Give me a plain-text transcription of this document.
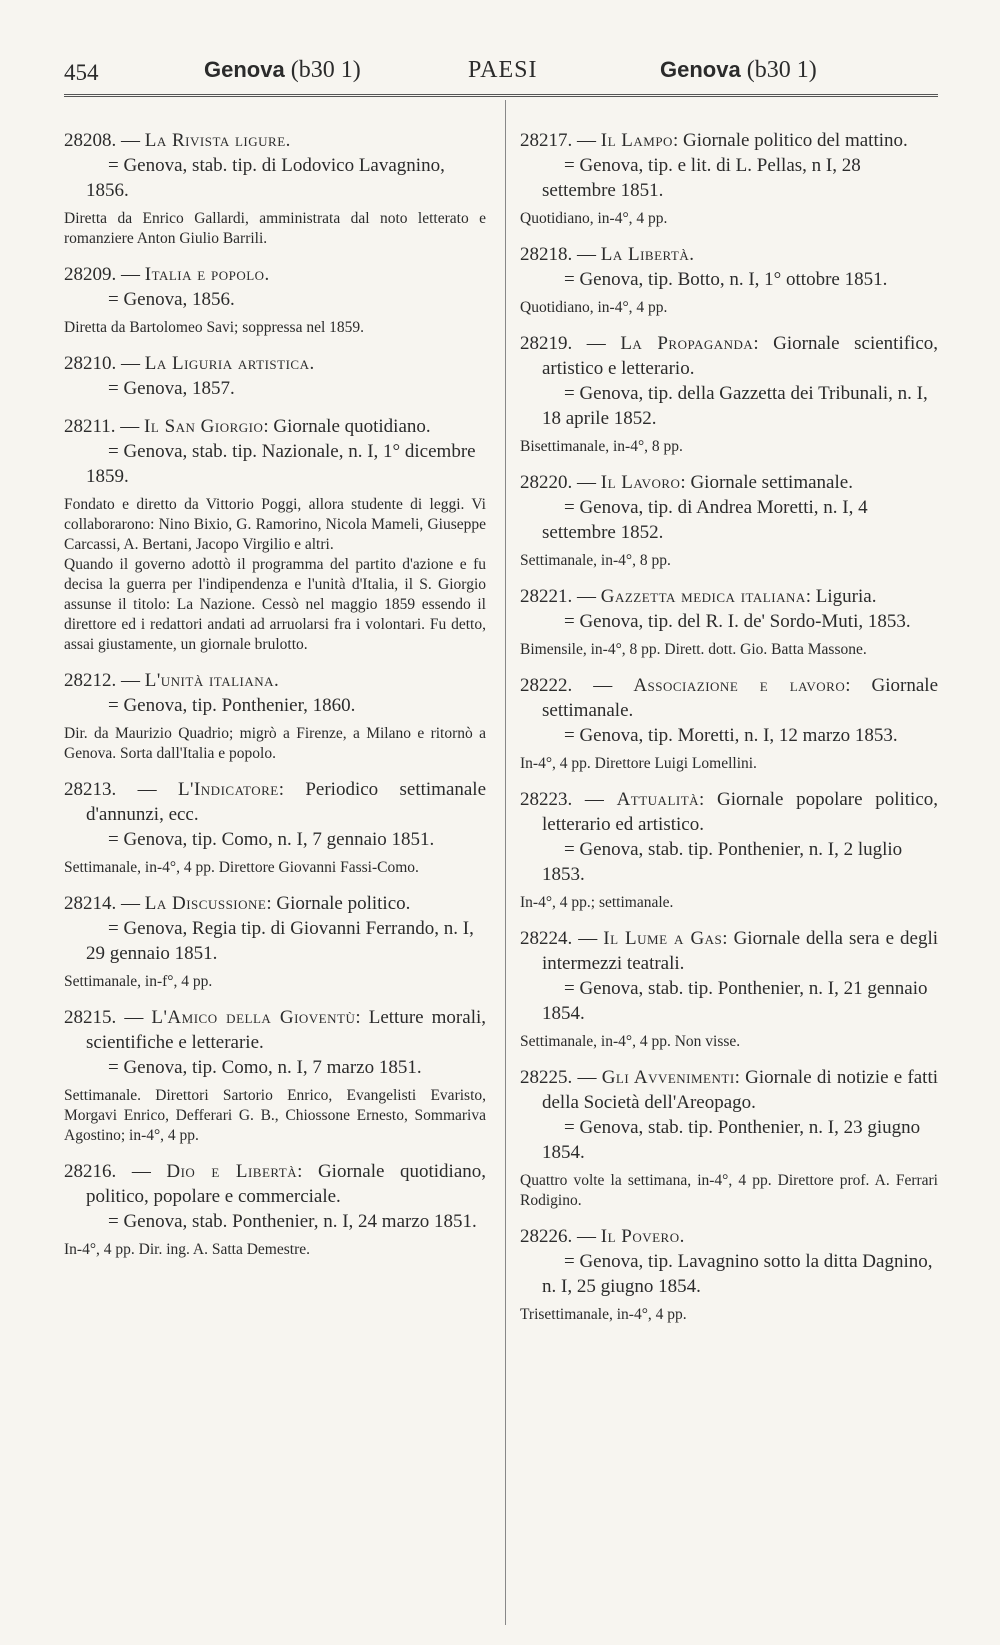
454	Genova (b30 1)	PAESI	Genova (b30 1)
28208. — La Rivista ligure.
= Genova, stab. tip. di Lodovico Lavagnino, 1856.
Diretta da Enrico Gallardi, amministrata dal noto letterato e romanziere Anton Giulio Barrili.
28209. — Italia e popolo.
= Genova, 1856.
Diretta da Bartolomeo Savi; soppressa nel 1859.
28210. — La Liguria artistica.
= Genova, 1857.
28211. — Il San Giorgio: Giornale quotidiano.
= Genova, stab. tip. Nazionale, n. I, 1° dicembre 1859.
Fondato e diretto da Vittorio Poggi, allora studente di leggi. Vi collaborarono: Nino Bixio, G. Ramorino, Nicola Mameli, Giuseppe Carcassi, A. Bertani, Jacopo Virgilio e altri.
Quando il governo adottò il programma del partito d'azione e fu decisa la guerra per l'indipendenza e l'unità d'Italia, il S. Giorgio assunse il titolo: La Nazione. Cessò nel maggio 1859 essendo il direttore ed i redattori andati ad arruolarsi fra i volontari. Fu detto, assai giustamente, un giornale brulotto.
28212. — L'unità italiana.
= Genova, tip. Ponthenier, 1860.
Dir. da Maurizio Quadrio; migrò a Firenze, a Milano e ritornò a Genova. Sorta dall'Italia e popolo.
28213. — L'Indicatore: Periodico settimanale d'annunzi, ecc.
= Genova, tip. Como, n. I, 7 gennaio 1851.
Settimanale, in-4°, 4 pp. Direttore Giovanni Fassi-Como.
28214. — La Discussione: Giornale politico.
= Genova, Regia tip. di Giovanni Ferrando, n. I, 29 gennaio 1851.
Settimanale, in-f°, 4 pp.
28215. — L'Amico della Gioventù: Letture morali, scientifiche e letterarie.
= Genova, tip. Como, n. I, 7 marzo 1851.
Settimanale. Direttori Sartorio Enrico, Evangelisti Evaristo, Morgavi Enrico, Defferari G. B., Chiossone Ernesto, Sommariva Agostino; in-4°, 4 pp.
28216. — Dio e Libertà: Giornale quotidiano, politico, popolare e commerciale.
= Genova, stab. Ponthenier, n. I, 24 marzo 1851.
In-4°, 4 pp. Dir. ing. A. Satta Demestre.
28217. — Il Lampo: Giornale politico del mattino.
= Genova, tip. e lit. di L. Pellas, n I, 28 settembre 1851.
Quotidiano, in-4°, 4 pp.
28218. — La Libertà.
= Genova, tip. Botto, n. I, 1° ottobre 1851.
Quotidiano, in-4°, 4 pp.
28219. — La Propaganda: Giornale scientifico, artistico e letterario.
= Genova, tip. della Gazzetta dei Tribunali, n. I, 18 aprile 1852.
Bisettimanale, in-4°, 8 pp.
28220. — Il Lavoro: Giornale settimanale.
= Genova, tip. di Andrea Moretti, n. I, 4 settembre 1852.
Settimanale, in-4°, 8 pp.
28221. — Gazzetta medica italiana: Liguria.
= Genova, tip. del R. I. de' Sordo-Muti, 1853.
Bimensile, in-4°, 8 pp. Dirett. dott. Gio. Batta Massone.
28222. — Associazione e lavoro: Giornale settimanale.
= Genova, tip. Moretti, n. I, 12 marzo 1853.
In-4°, 4 pp. Direttore Luigi Lomellini.
28223. — Attualità: Giornale popolare politico, letterario ed artistico.
= Genova, stab. tip. Ponthenier, n. I, 2 luglio 1853.
In-4°, 4 pp.; settimanale.
28224. — Il Lume a Gas: Giornale della sera e degli intermezzi teatrali.
= Genova, stab. tip. Ponthenier, n. I, 21 gennaio 1854.
Settimanale, in-4°, 4 pp. Non visse.
28225. — Gli Avvenimenti: Giornale di notizie e fatti della Società dell'Areopago.
= Genova, stab. tip. Ponthenier, n. I, 23 giugno 1854.
Quattro volte la settimana, in-4°, 4 pp. Direttore prof. A. Ferrari Rodigino.
28226. — Il Povero.
= Genova, tip. Lavagnino sotto la ditta Dagnino, n. I, 25 giugno 1854.
Trisettimanale, in-4°, 4 pp.
